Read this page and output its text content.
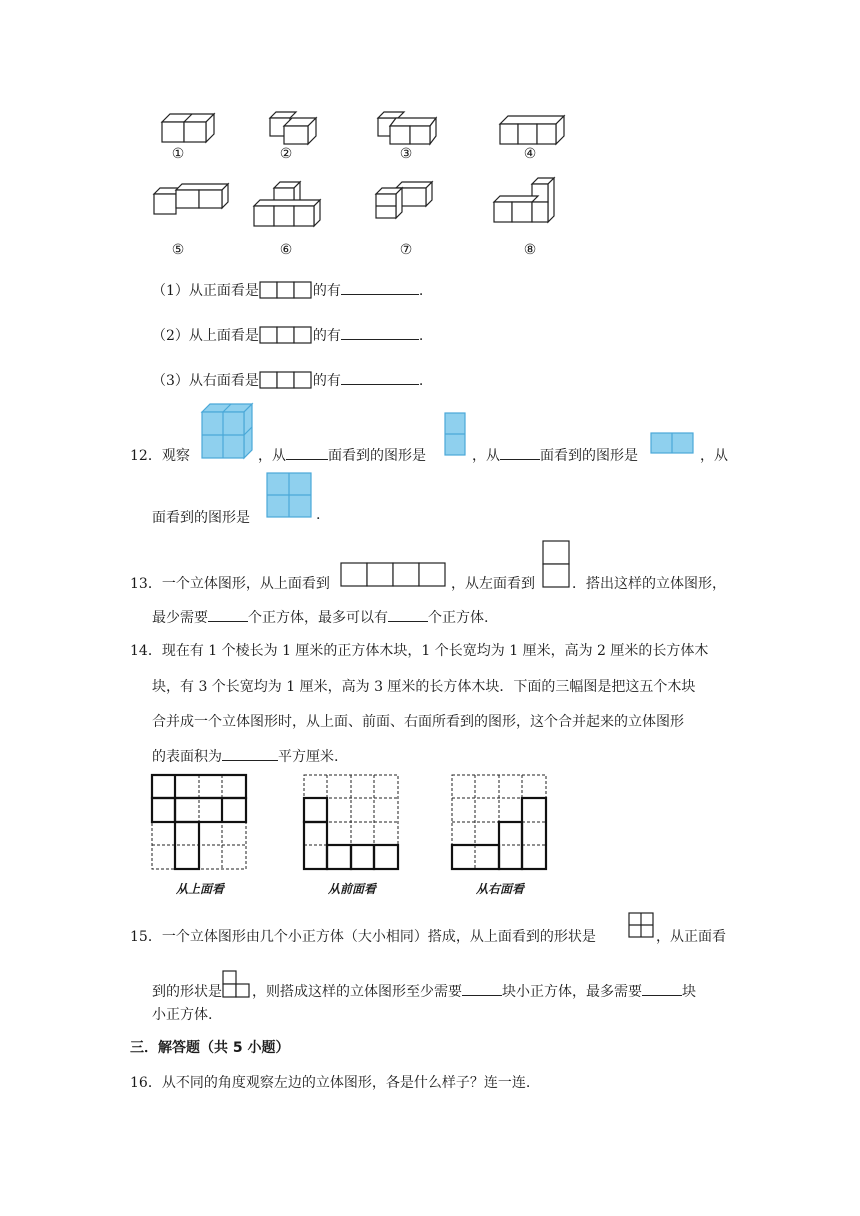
①	②	③	④
⑤	⑥	⑦	⑧
（1）从正面看是	的有	.
（2）从上面看是	的有	.
（3）从右面看是	的有	.
12．观察	，从	面看到的图形是	，从	面看到的图形是	，从
面看到的图形是	.
13．一个立体图形，从上面看到	，从左面看到	．搭出这样的立体图形，
最少需要	个正方体，最多可以有	个正方体.
14．现在有 1 个棱长为 1 厘米的正方体木块，1 个长宽均为 1 厘米，高为 2 厘米的长方体木
块，有 3 个长宽均为 1 厘米，高为 3 厘米的长方体木块．下面的三幅图是把这五个木块
合并成一个立体图形时，从上面、前面、右面所看到的图形，这个合并起来的立体图形
的表面积为	平方厘米.
从上面看	从前面看	从右面看
15．一个立体图形由几个小正方体（大小相同）搭成，从上面看到的形状是	，从正面看
到的形状是 ，则搭成这样的立体图形至少需要	块小正方体，最多需要	块
小正方体.
三．解答题（共 5 小题）
16．从不同的角度观察左边的立体图形，各是什么样子？连一连.
